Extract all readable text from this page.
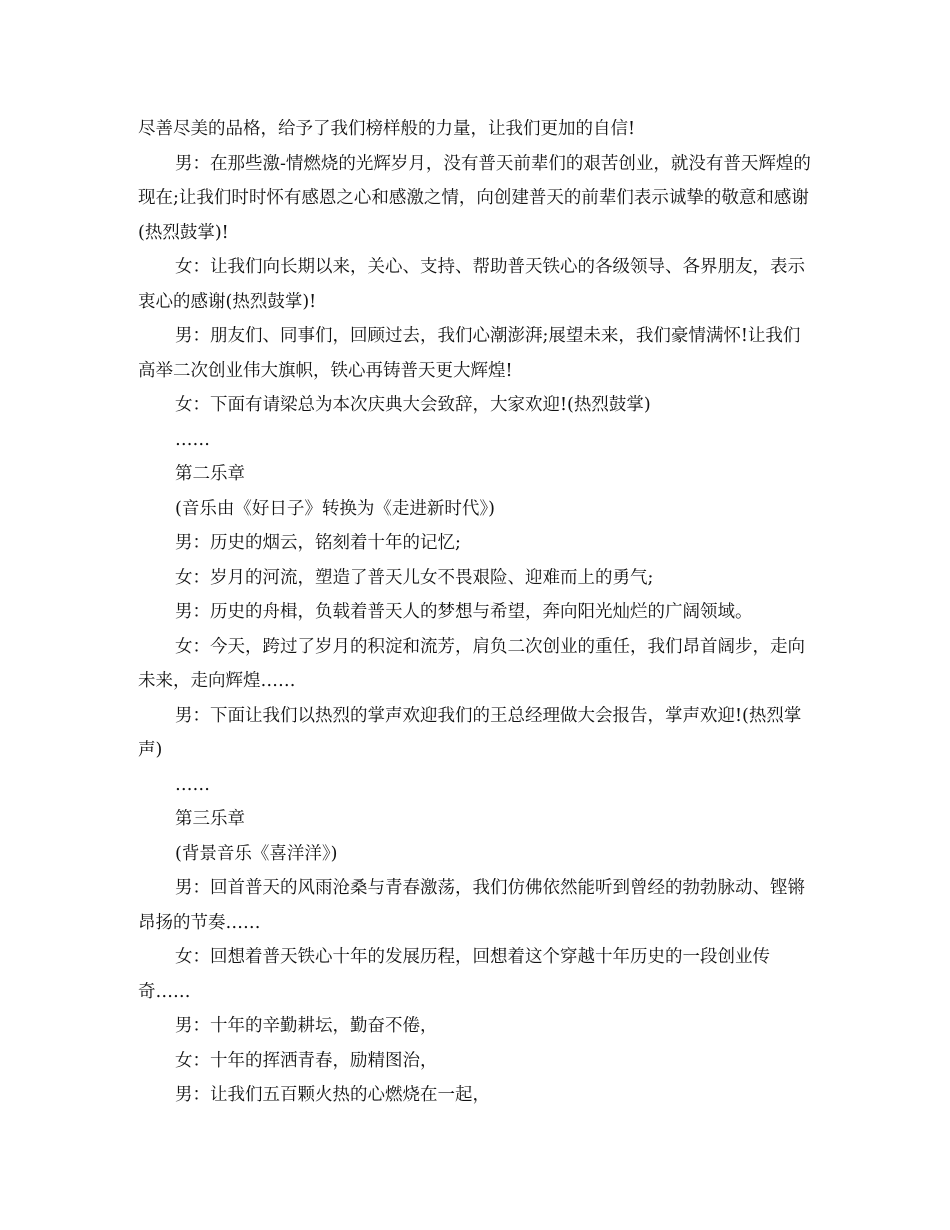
尽善尽美的品格，给予了我们榜样般的力量，让我们更加的自信!

男：在那些激-情燃烧的光辉岁月，没有普天前辈们的艰苦创业，就没有普天辉煌的现在;让我们时时怀有感恩之心和感激之情，向创建普天的前辈们表示诚挚的敬意和感谢(热烈鼓掌)!

女：让我们向长期以来，关心、支持、帮助普天铁心的各级领导、各界朋友，表示衷心的感谢(热烈鼓掌)!

男：朋友们、同事们，回顾过去，我们心潮澎湃;展望未来，我们豪情满怀!让我们高举二次创业伟大旗帜，铁心再铸普天更大辉煌!

女：下面有请梁总为本次庆典大会致辞，大家欢迎!(热烈鼓掌)

……

第二乐章

(音乐由《好日子》转换为《走进新时代》)

男：历史的烟云，铭刻着十年的记忆;

女：岁月的河流，塑造了普天儿女不畏艰险、迎难而上的勇气;

男：历史的舟楫，负载着普天人的梦想与希望，奔向阳光灿烂的广阔领域。

女：今天，跨过了岁月的积淀和流芳，肩负二次创业的重任，我们昂首阔步，走向未来，走向辉煌……

男：下面让我们以热烈的掌声欢迎我们的王总经理做大会报告，掌声欢迎!(热烈掌声)

……

第三乐章

(背景音乐《喜洋洋》)

男：回首普天的风雨沧桑与青春激荡，我们仿佛依然能听到曾经的勃勃脉动、铿锵昂扬的节奏……

女：回想着普天铁心十年的发展历程，回想着这个穿越十年历史的一段创业传奇……

男：十年的辛勤耕坛，勤奋不倦，

女：十年的挥洒青春，励精图治，

男：让我们五百颗火热的心燃烧在一起，
